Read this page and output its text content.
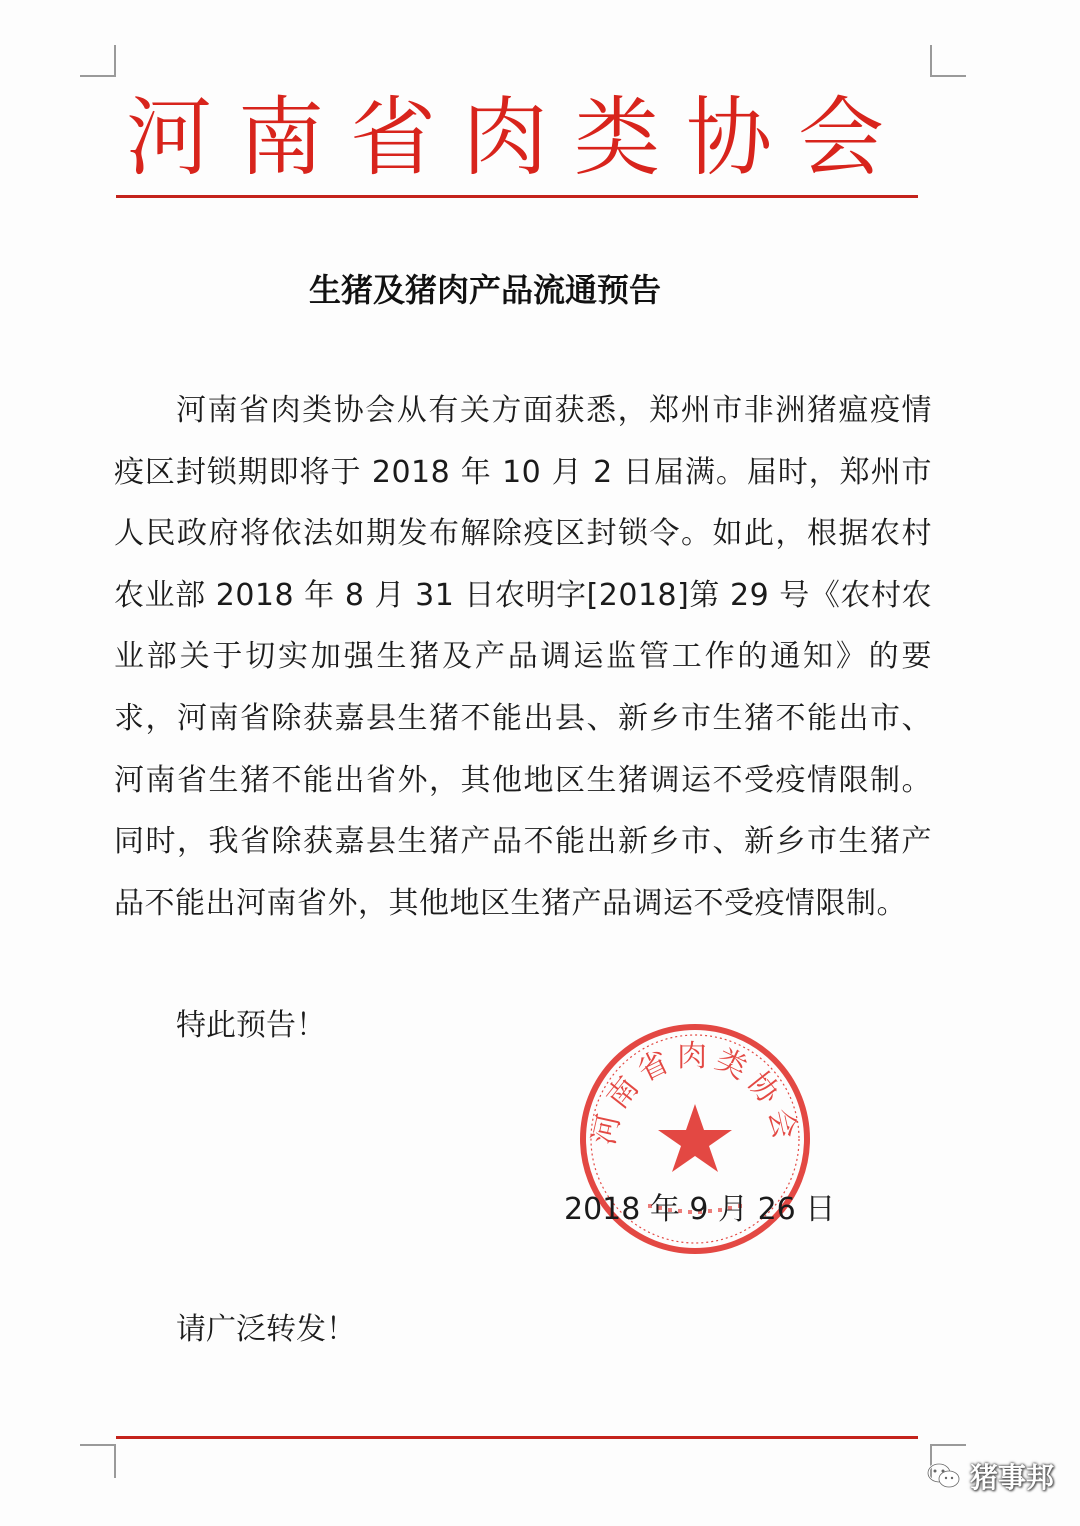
河南省肉类协会
生猪及猪肉产品流通预告
河南省肉类协会从有关方面获悉，郑州市非洲猪瘟疫情疫区封锁期即将于 2018 年 10 月 2 日届满。届时，郑州市人民政府将依法如期发布解除疫区封锁令。如此，根据农村农业部 2018 年 8 月 31 日农明字[2018]第 29 号《农村农业部关于切实加强生猪及产品调运监管工作的通知》的要求，河南省除获嘉县生猪不能出县、新乡市生猪不能出市、河南省生猪不能出省外，其他地区生猪调运不受疫情限制。同时，我省除获嘉县生猪产品不能出新乡市、新乡市生猪产品不能出河南省外，其他地区生猪产品调运不受疫情限制。
特此预告！
河南省肉类协会
2018 年 9 月 26 日
请广泛转发！
猪事邦
